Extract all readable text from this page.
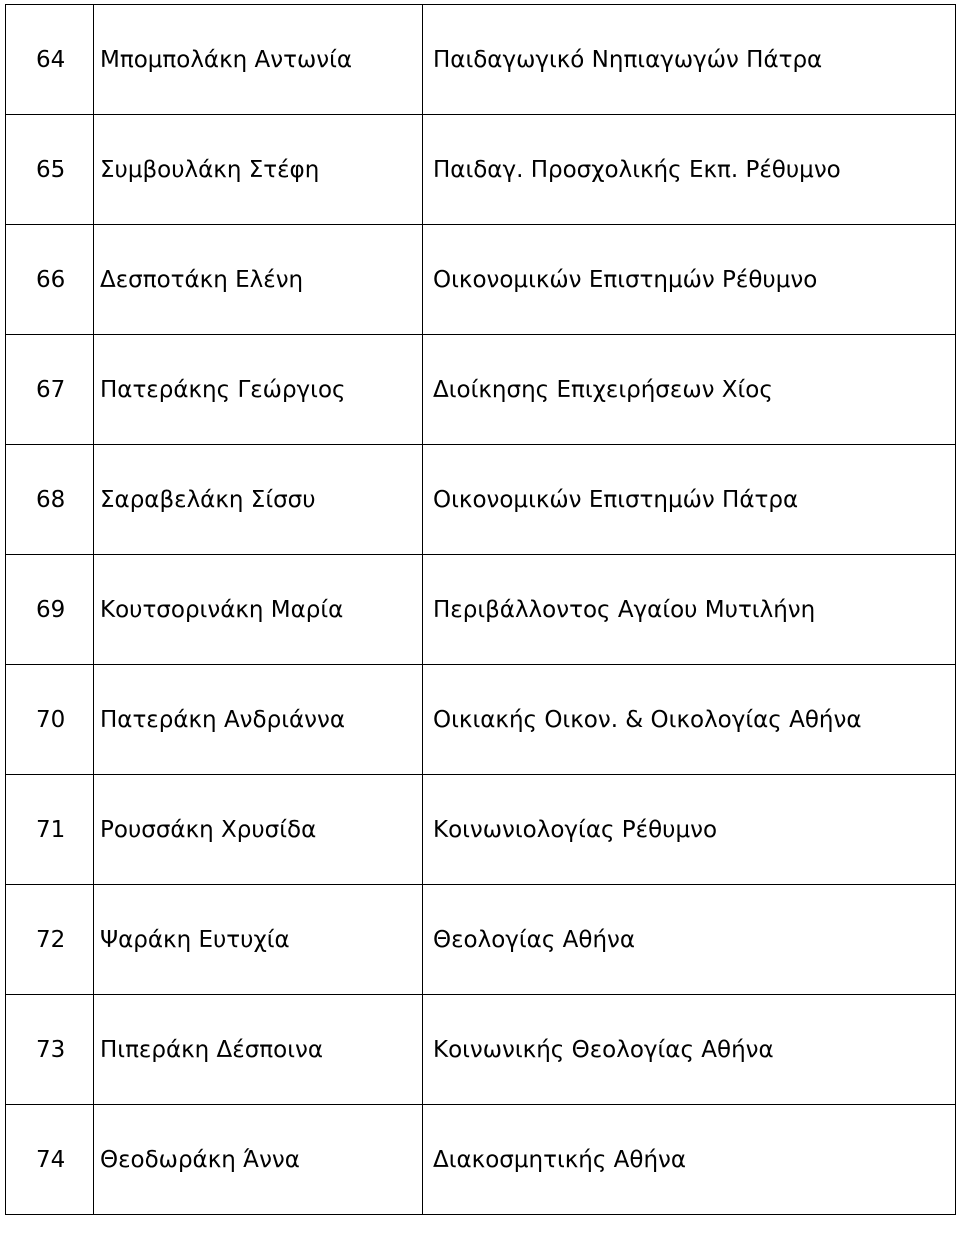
64	Μπομπολάκη Αντωνία	Παιδαγωγικό Νηπιαγωγών Πάτρα
65	Συμβουλάκη Στέφη	Παιδαγ. Προσχολικής Εκπ. Ρέθυμνο
66	Δεσποτάκη Ελένη	Οικονομικών Επιστημών Ρέθυμνο
67	Πατεράκης Γεώργιος	Διοίκησης Επιχειρήσεων Χίος
68	Σαραβελάκη Σίσσυ	Οικονομικών Επιστημών Πάτρα
69	Κουτσορινάκη Μαρία	Περιβάλλοντος Αγαίου Μυτιλήνη
70	Πατεράκη Ανδριάννα	Οικιακής Οικον. & Οικολογίας Αθήνα
71	Ρουσσάκη Χρυσίδα	Κοινωνιολογίας Ρέθυμνο
72	Ψαράκη Ευτυχία	Θεολογίας Αθήνα
73	Πιπεράκη Δέσποινα	Κοινωνικής Θεολογίας Αθήνα
74	Θεοδωράκη Άννα	Διακοσμητικής Αθήνα
